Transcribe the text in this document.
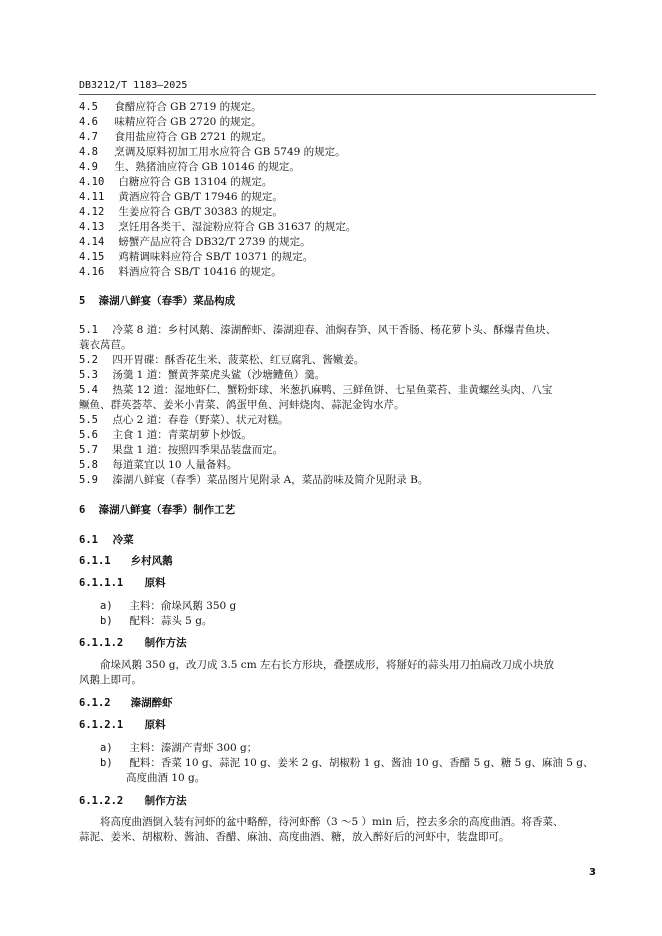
DB3212/T 1183—2025
4.5 食醋应符合 GB 2719 的规定。
4.6 味精应符合 GB 2720 的规定。
4.7 食用盐应符合 GB 2721 的规定。
4.8 烹调及原料初加工用水应符合 GB 5749 的规定。
4.9 生、熟猪油应符合 GB 10146 的规定。
4.10 白糖应符合 GB 13104 的规定。
4.11 黄酒应符合 GB/T 17946 的规定。
4.12 生姜应符合 GB/T 30383 的规定。
4.13 烹饪用各类干、湿淀粉应符合 GB 31637 的规定。
4.14 螃蟹产品应符合 DB32/T 2739 的规定。
4.15 鸡精调味料应符合 SB/T 10371 的规定。
4.16 料酒应符合 SB/T 10416 的规定。
5 溱湖八鲜宴（春季）菜品构成
5.1 冷菜 8 道：乡村风鹅、溱湖醉虾、溱湖迎春、油焖春笋、风干香肠、杨花萝卜头、酥爆青鱼块、
蓑衣莴苣。
5.2 四开胃碟：酥香花生米、菠菜松、红豆腐乳、酱嫩姜。
5.3 汤羹 1 道：蟹黄荠菜虎头鲨（沙塘鳢鱼）羹。
5.4 热菜 12 道：湿地虾仁、蟹粉虾球、米葱扒麻鸭、三鲜鱼饼、七星鱼菜苔、韭黄螺丝头肉、八宝
鳜鱼、群英荟萃、姜米小青菜、鸽蛋甲鱼、河蚌烧肉、蒜泥金钩水芹。
5.5 点心 2 道：春卷（野菜）、状元对糕。
5.6 主食 1 道：青菜胡萝卜炒饭。
5.7 果盘 1 道：按照四季果品装盘而定。
5.8 每道菜宜以 10 人量备料。
5.9 溱湖八鲜宴（春季）菜品图片见附录 A，菜品韵味及简介见附录 B。
6 溱湖八鲜宴（春季）制作工艺
6.1 冷菜
6.1.1 乡村风鹅
6.1.1.1 原料
a) 主料：俞垛风鹅 350 g
b) 配料：蒜头 5 g。
6.1.1.2 制作方法
俞垛风鹅 350 g，改刀成 3.5 cm 左右长方形块，叠摆成形，将掰好的蒜头用刀拍扁改刀成小块放
风鹅上即可。
6.1.2 溱湖醉虾
6.1.2.1 原料
a) 主料：溱湖产青虾 300 g；
b) 配料：香菜 10 g、蒜泥 10 g、姜米 2 g、胡椒粉 1 g、酱油 10 g、香醋 5 g、糖 5 g、麻油 5 g、
高度曲酒 10 g。
6.1.2.2 制作方法
将高度曲酒倒入装有河虾的盆中略醉，待河虾醉（3 ～5 ）min 后，控去多余的高度曲酒。将香菜、
蒜泥、姜米、胡椒粉、酱油、香醋、麻油、高度曲酒、糖，放入醉好后的河虾中，装盘即可。
3
